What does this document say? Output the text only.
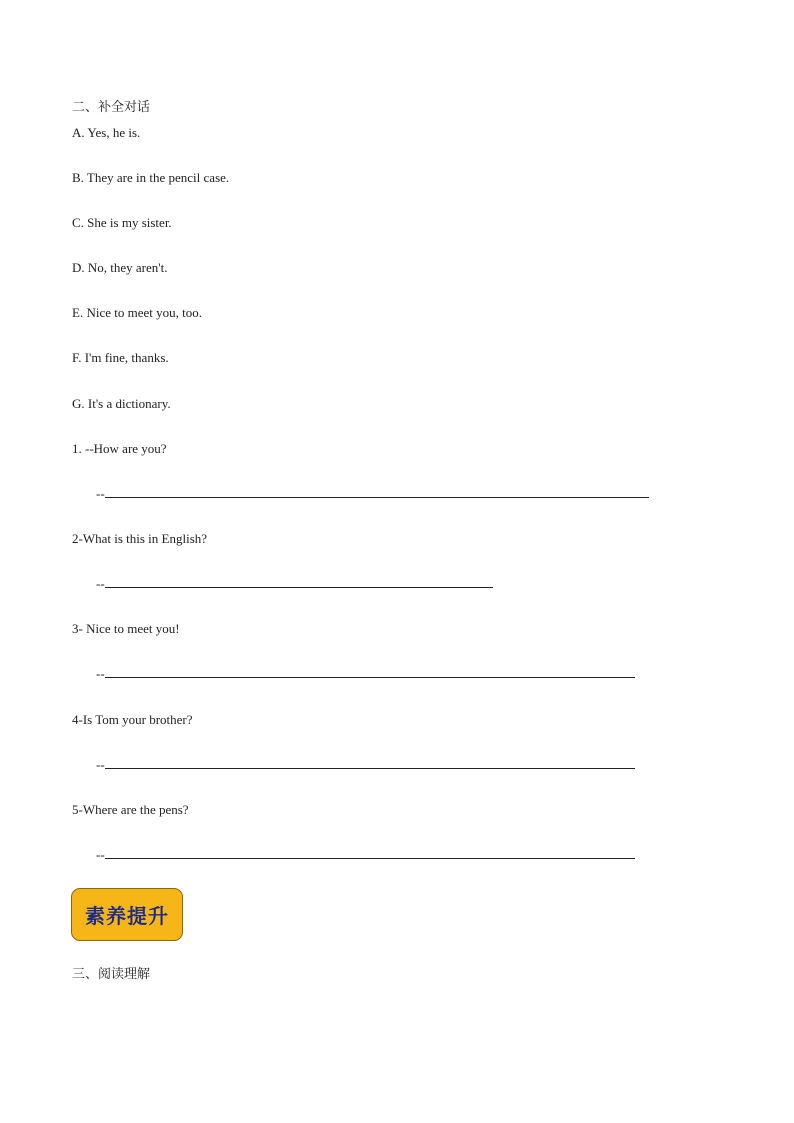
二、补全对话
A. Yes, he is.
B. They are in the pencil case.
C. She is my sister.
D. No, they aren't.
E. Nice to meet you, too.
F. I'm fine, thanks.
G. It's a dictionary.
1. --How are you?
--
2-What is this in English?
--
3- Nice to meet you!
--
4-Is Tom your brother?
--
5-Where are the pens?
--
素养提升
三、阅读理解
